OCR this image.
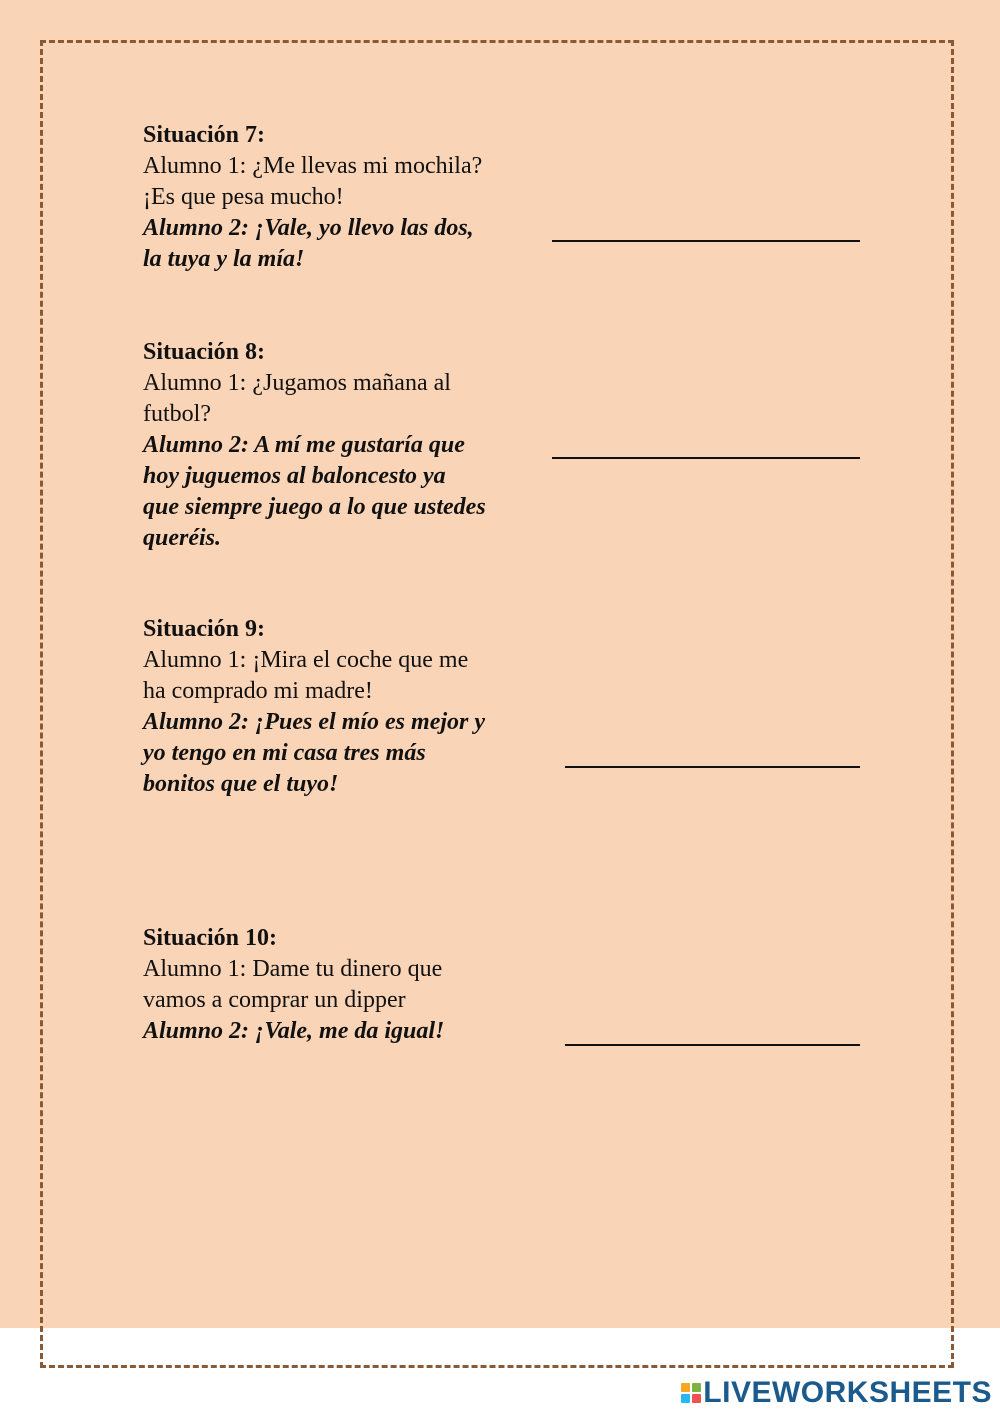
Situación 7:
Alumno 1: ¿Me llevas mi mochila?
¡Es que pesa mucho!
Alumno 2: ¡Vale, yo llevo las dos,
la tuya y la mía!
Situación 8:
Alumno 1: ¿Jugamos mañana al
futbol?
Alumno 2: A mí me gustaría que
hoy juguemos al baloncesto ya
que siempre juego a lo que ustedes
queréis.
Situación 9:
Alumno 1: ¡Mira el coche que me
ha comprado mi madre!
Alumno 2: ¡Pues el mío es mejor y
yo tengo en mi casa tres más
bonitos que el tuyo!
Situación 10:
Alumno 1: Dame tu dinero que
vamos a comprar un dipper
Alumno 2: ¡Vale, me da igual!
LIVEWORKSHEETS
